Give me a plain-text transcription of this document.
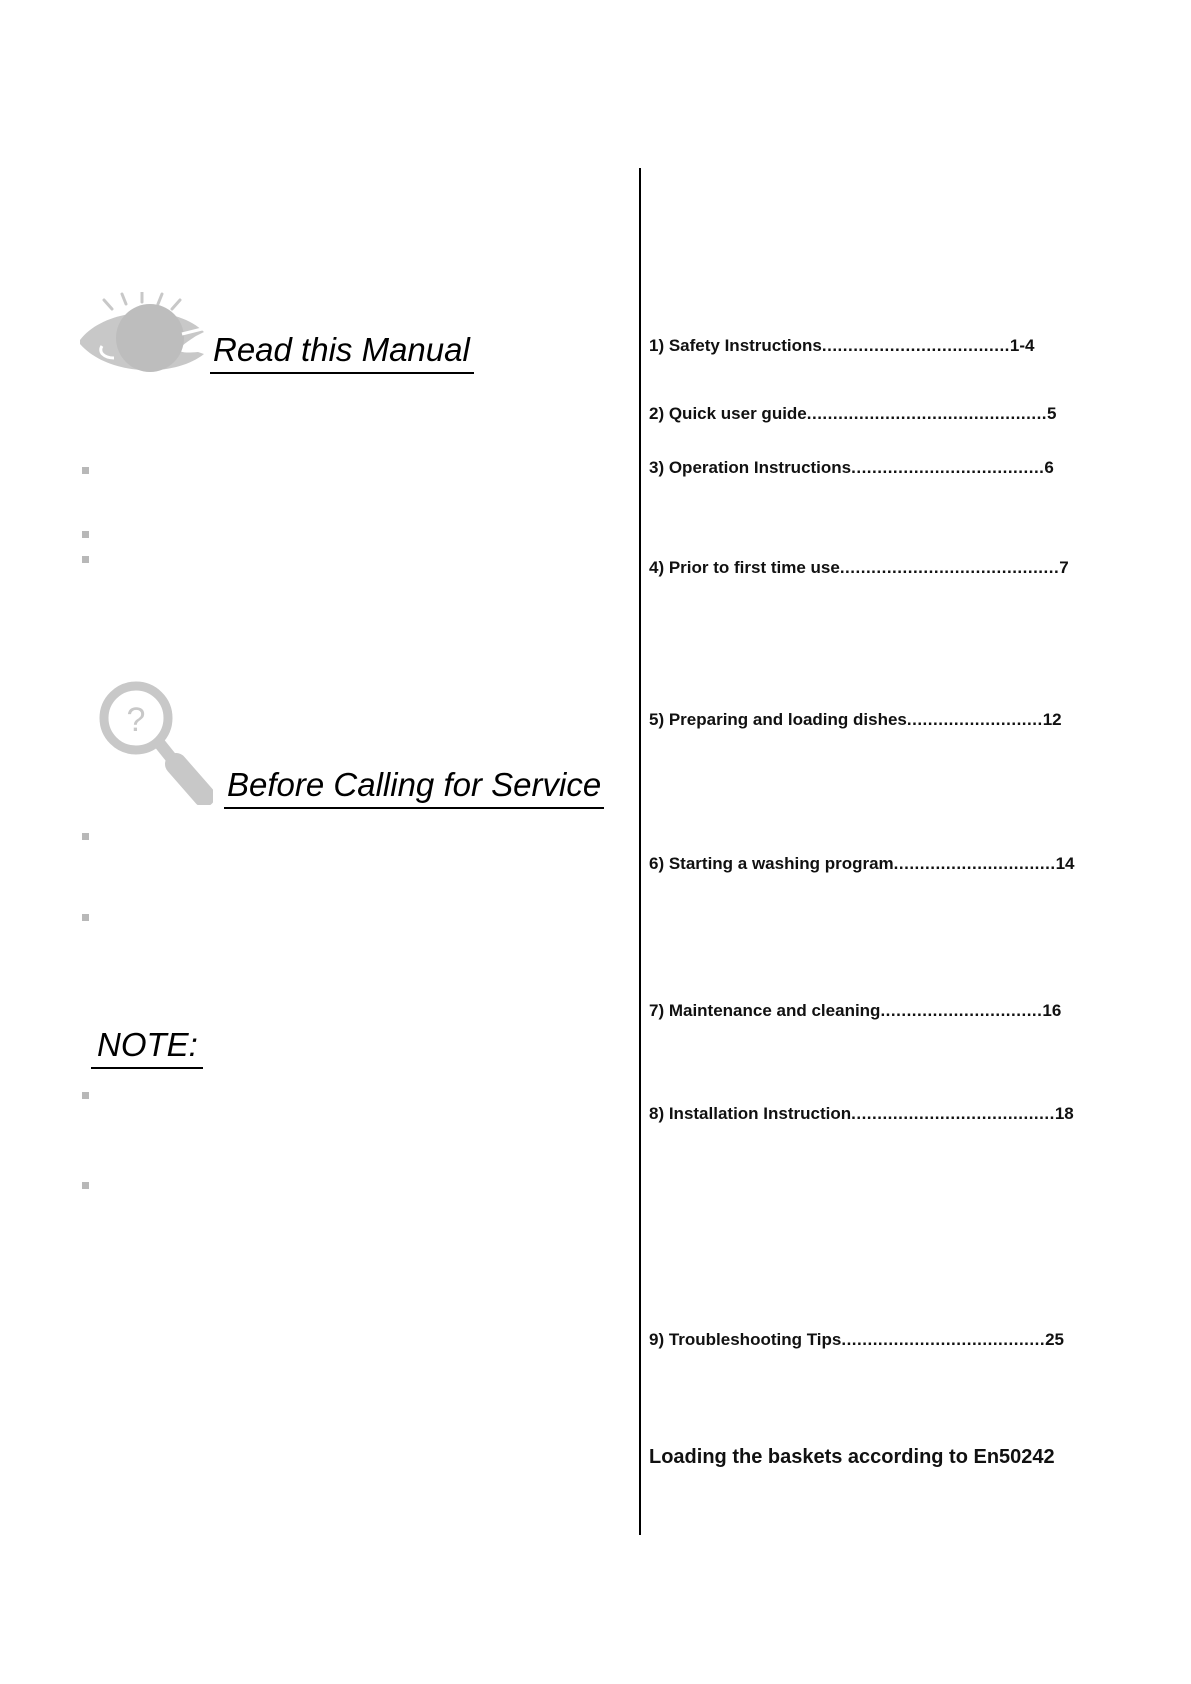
Read this Manual
?
Before Calling for Service
NOTE:
1) Safety Instructions....................................1-4
2) Quick user guide..............................................5
3) Operation Instructions.....................................6
4) Prior to first time use..........................................7
5) Preparing and loading dishes..........................12
6) Starting a washing program...............................14
7) Maintenance and cleaning...............................16
8) Installation Instruction.......................................18
9) Troubleshooting Tips.......................................25
Loading the baskets according to En50242
